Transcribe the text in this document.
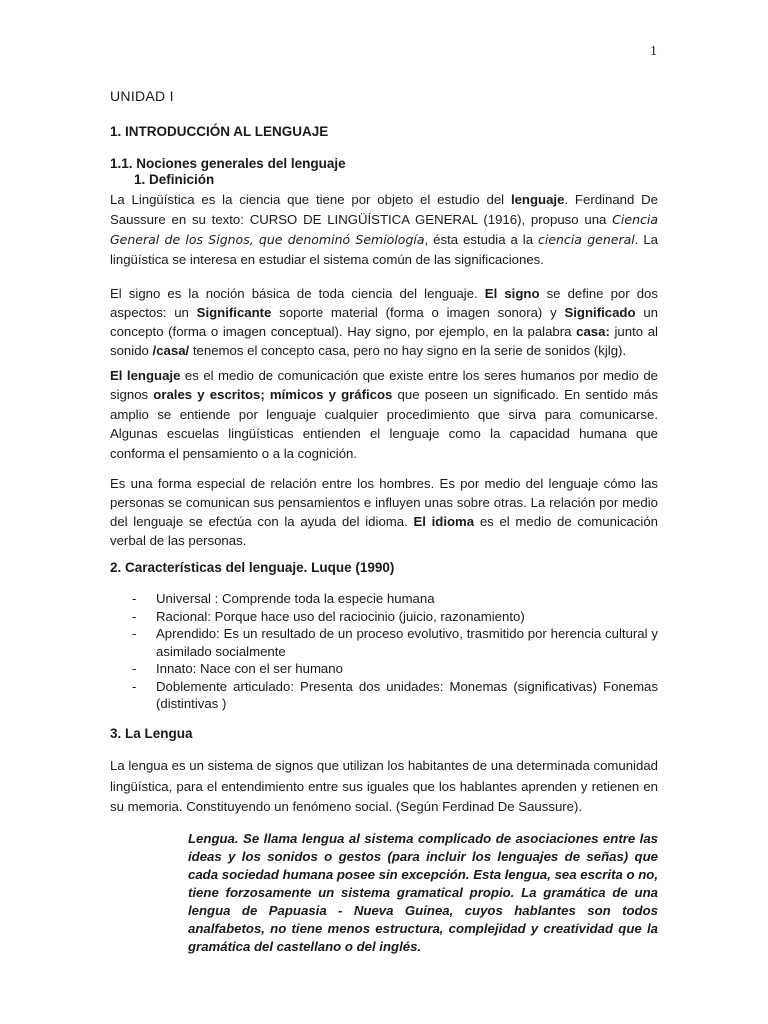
1
UNIDAD I
1. INTRODUCCIÓN AL LENGUAJE
1.1. Nociones generales del lenguaje
1. Definición

La Lingüística es la ciencia que tiene por objeto el estudio del lenguaje. Ferdinand De Saussure en su texto: CURSO DE LINGÜÍSTICA GENERAL (1916), propuso una Ciencia General de los Signos, que denominó Semiología, ésta estudia a la ciencia general. La lingüística se interesa en estudiar el sistema común de las significaciones.

El signo es la noción básica de toda ciencia del lenguaje. El signo se define por dos aspectos: un Significante soporte material (forma o imagen sonora) y Significado un concepto (forma o imagen conceptual). Hay signo, por ejemplo, en la palabra casa: junto al sonido /casa/ tenemos el concepto casa, pero no hay signo en la serie de sonidos (kjlg).

El lenguaje es el medio de comunicación que existe entre los seres humanos por medio de signos orales y escritos; mímicos y gráficos que poseen un significado. En sentido más amplio se entiende por lenguaje cualquier procedimiento que sirva para comunicarse. Algunas escuelas lingüísticas entienden el lenguaje como la capacidad humana que conforma el pensamiento o a la cognición.

Es una forma especial de relación entre los hombres. Es por medio del lenguaje cómo las personas se comunican sus pensamientos e influyen unas sobre otras. La relación por medio del lenguaje se efectúa con la ayuda del idioma. El idioma es el medio de comunicación verbal de las personas.

2. Características del lenguaje. Luque (1990)
- Universal : Comprende toda la especie humana
- Racional: Porque hace uso del raciocinio (juicio, razonamiento)
- Aprendido: Es un resultado de un proceso evolutivo, trasmitido por herencia cultural y asimilado socialmente
- Innato: Nace con el ser humano
- Doblemente articulado: Presenta dos unidades: Monemas (significativas) Fonemas (distintivas )
3. La Lengua

La lengua es un sistema de signos que utilizan los habitantes de una determinada comunidad lingüística, para el entendimiento entre sus iguales que los hablantes aprenden y retienen en su memoria. Constituyendo un fenómeno social. (Según Ferdinad De Saussure).

Lengua. Se llama lengua al sistema complicado de asociaciones entre las ideas y los sonidos o gestos (para incluir los lenguajes de señas) que cada sociedad humana posee sin excepción. Esta lengua, sea escrita o no, tiene forzosamente un sistema gramatical propio. La gramática de una lengua de Papuasia - Nueva Guinea, cuyos hablantes son todos analfabetos, no tiene menos estructura, complejidad y creatividad que la gramática del castellano o del inglés.
